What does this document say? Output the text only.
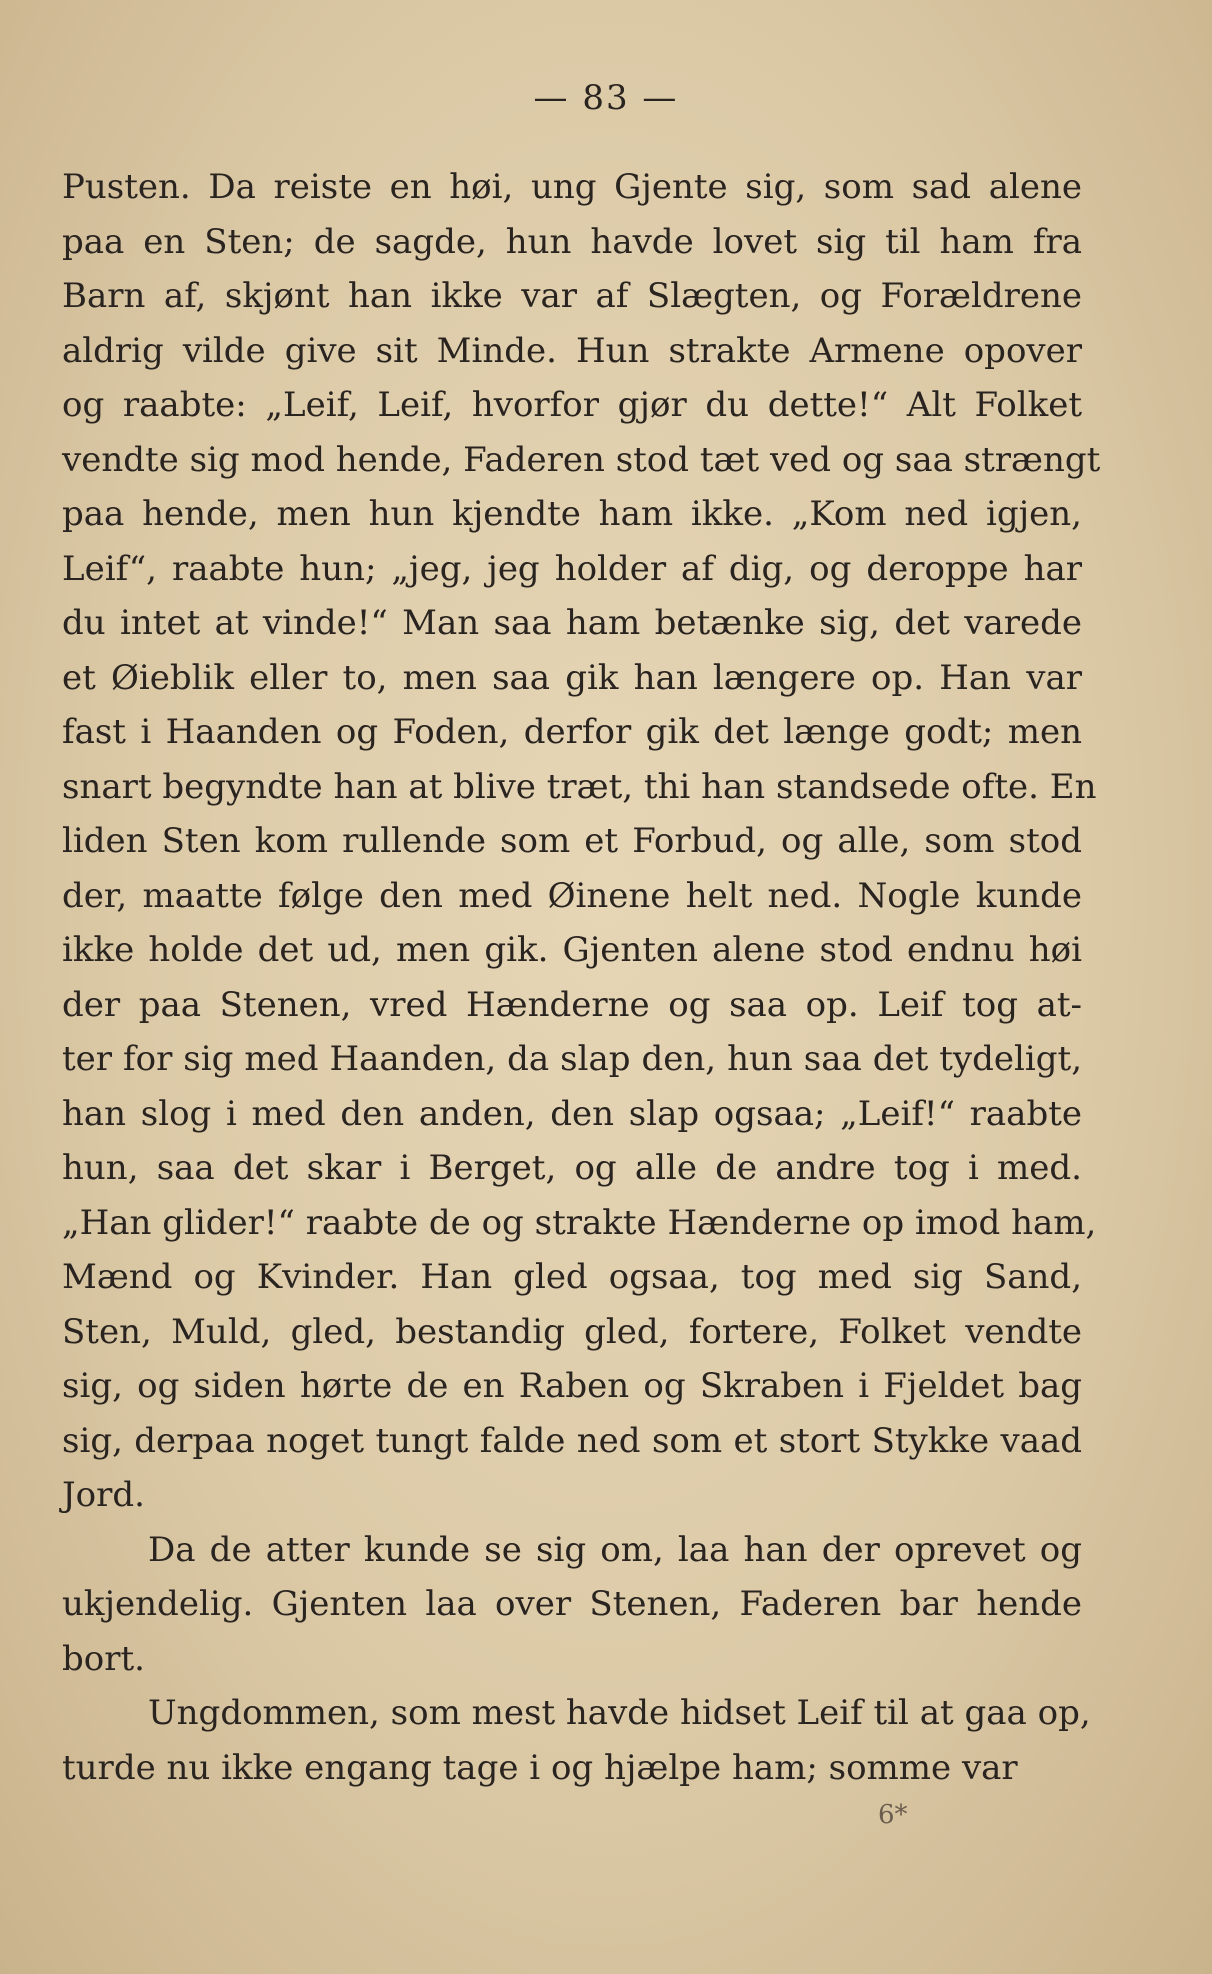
— 83 —
Pusten. Da reiste en høi, ung Gjente sig, som sad alene
paa en Sten; de sagde, hun havde lovet sig til ham fra
Barn af, skjønt han ikke var af Slægten, og Forældrene
aldrig vilde give sit Minde. Hun strakte Armene opover
og raabte: „Leif, Leif, hvorfor gjør du dette!“ Alt Folket
vendte sig mod hende, Faderen stod tæt ved og saa strængt
paa hende, men hun kjendte ham ikke. „Kom ned igjen,
Leif“, raabte hun; „jeg, jeg holder af dig, og deroppe har
du intet at vinde!“ Man saa ham betænke sig, det varede
et Øieblik eller to, men saa gik han længere op. Han var
fast i Haanden og Foden, derfor gik det længe godt; men
snart begyndte han at blive træt, thi han standsede ofte. En
liden Sten kom rullende som et Forbud, og alle, som stod
der, maatte følge den med Øinene helt ned. Nogle kunde
ikke holde det ud, men gik. Gjenten alene stod endnu høi
der paa Stenen, vred Hænderne og saa op. Leif tog at-
ter for sig med Haanden, da slap den, hun saa det tydeligt,
han slog i med den anden, den slap ogsaa; „Leif!“ raabte
hun, saa det skar i Berget, og alle de andre tog i med.
„Han glider!“ raabte de og strakte Hænderne op imod ham,
Mænd og Kvinder. Han gled ogsaa, tog med sig Sand,
Sten, Muld, gled, bestandig gled, fortere, Folket vendte
sig, og siden hørte de en Raben og Skraben i Fjeldet bag
sig, derpaa noget tungt falde ned som et stort Stykke vaad
Jord.
Da de atter kunde se sig om, laa han der oprevet og
ukjendelig. Gjenten laa over Stenen, Faderen bar hende
bort.
Ungdommen, som mest havde hidset Leif til at gaa op,
turde nu ikke engang tage i og hjælpe ham; somme var
6*
